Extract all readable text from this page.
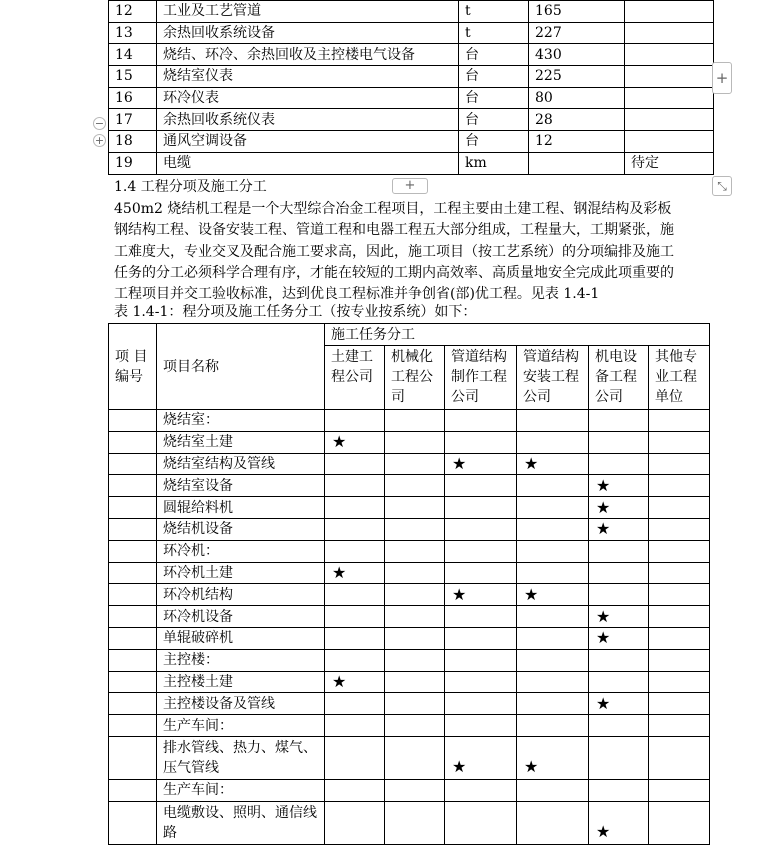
12	工业及工艺管道	t	165	
13	余热回收系统设备	t	227	
14	烧结、环冷、余热回收及主控楼电气设备	台	430	
15	烧结室仪表	台	225	
16	环冷仪表	台	80	
17	余热回收系统仪表	台	28	
18	通风空调设备	台	12	
19	电缆	km		待定
+
−
+
+	⤡
1.4 工程分项及施工分工

450m2 烧结机工程是一个大型综合冶金工程项目，工程主要由土建工程、钢混结构及彩板钢结构工程、设备安装工程、管道工程和电器工程五大部分组成，工程量大，工期紧张，施工难度大，专业交叉及配合施工要求高，因此，施工项目（按工艺系统）的分项编排及施工任务的分工必须科学合理有序，才能在较短的工期内高效率、高质量地安全完成此项重要的工程项目并交工验收标准，达到优良工程标准并争创省(部)优工程。见表 1.4-1

表 1.4-1：程分项及施工任务分工（按专业按系统）如下：
项 目编号	项目名称	施工任务分工					
		土建工程公司	机械化工程公司	管道结构制作工程公司	管道结构安装工程公司	机电设备工程公司	其他专业工程单位
	烧结室：						
	烧结室土建	★					
	烧结室结构及管线			★	★		
	烧结室设备					★	
	圆辊给料机					★	
	烧结机设备					★	
	环冷机：						
	环冷机土建	★					
	环冷机结构			★	★		
	环冷机设备					★	
	单辊破碎机					★	
	主控楼：						
	主控楼土建	★					
	主控楼设备及管线					★	
	生产车间：						
	排水管线、热力、煤气、压气管线			★	★		
	生产车间：						
	电缆敷设、照明、通信线路					★	
